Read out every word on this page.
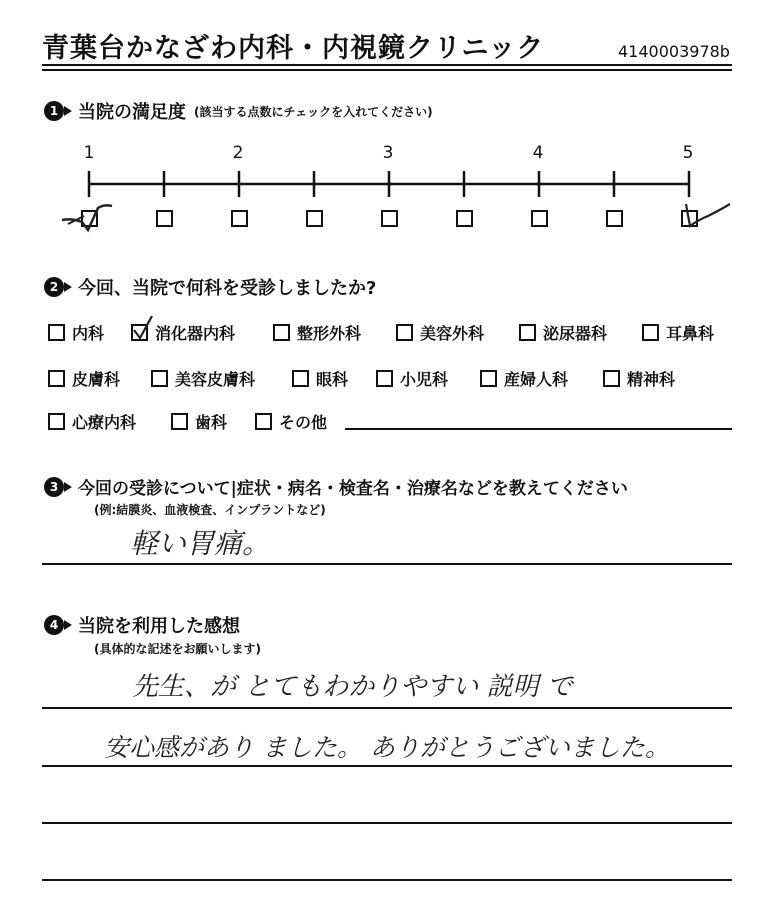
青葉台かなざわ内科・内視鏡クリニック	4140003978b
1	当院の満足度 (該当する点数にチェックを入れてください)
1	2	3	4	5
2	今回、当院で何科を受診しましたか?
内科	消化器内科	整形外科	美容外科	泌尿器科	耳鼻科
皮膚科	美容皮膚科	眼科	小児科	産婦人科	精神科
心療内科	歯科	その他
3	今回の受診について|症状・病名・検査名・治療名などを教えてください
(例:結膜炎、血液検査、インプラントなど)
軽い胃痛。
4	当院を利用した感想
(具体的な記述をお願いします)
先生、が とてもわかりやすい 説明 で
安心感があり ました。 ありがとうございました。
